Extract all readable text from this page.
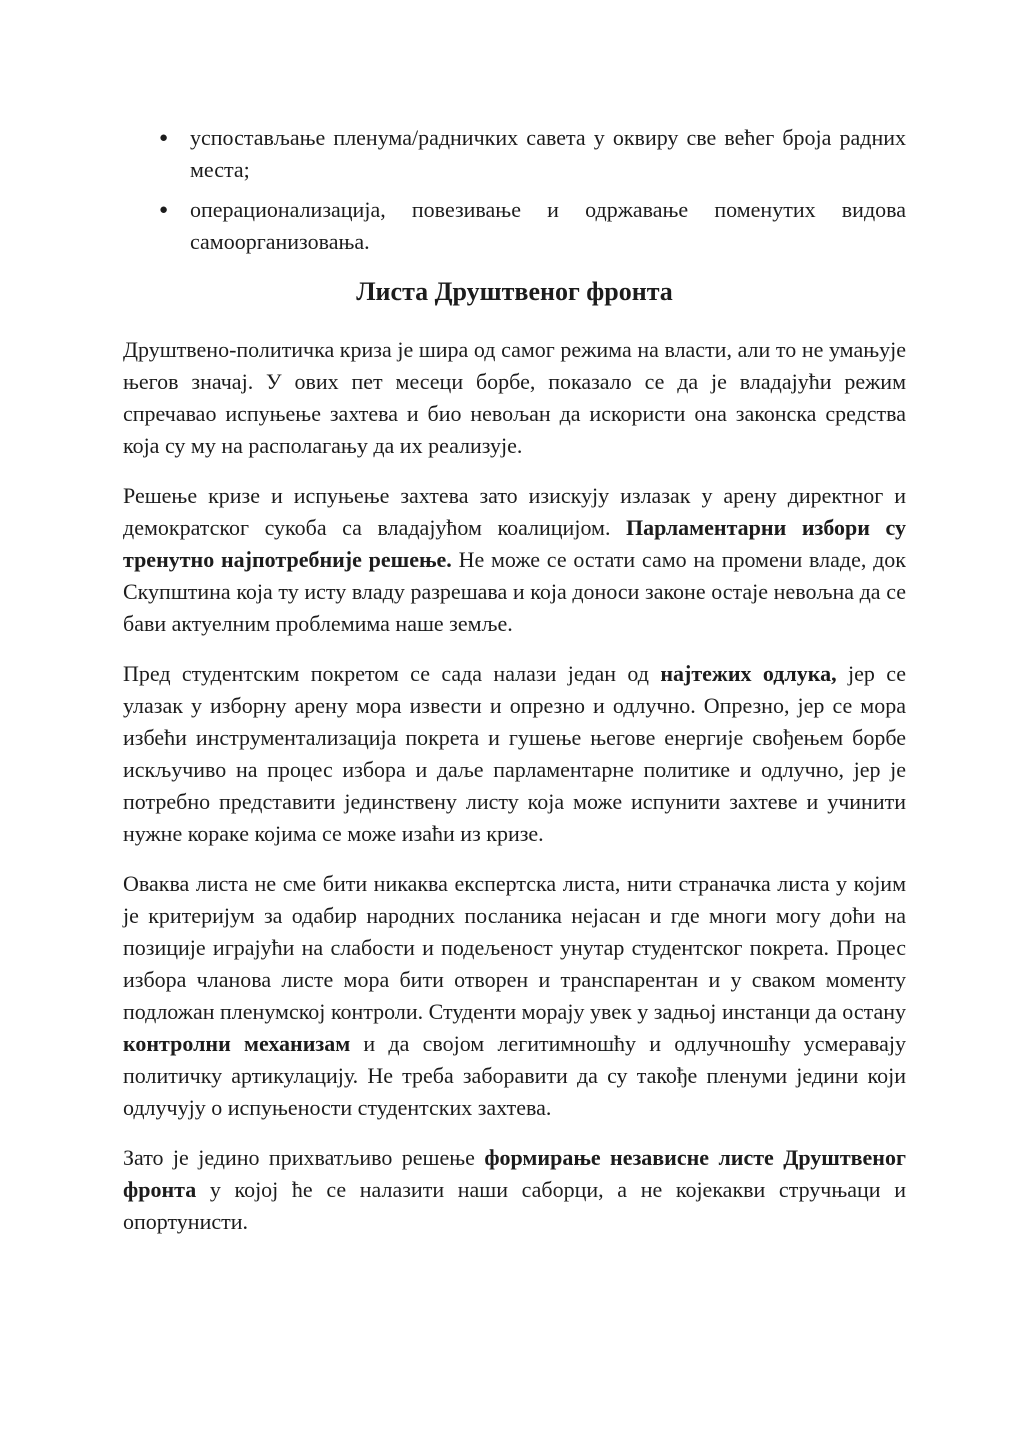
● успостављање пленума/радничких савета у оквиру све већег броја радних места;
● операционализација, повезивање и одржавање поменутих видова самоорганизовања.
Листа Друштвеног фронта

Друштвено-политичка криза је шира од самог режима на власти, али то не умањује његов значај. У ових пет месеци борбе, показало се да је владајући режим спречавао испуњење захтева и био невољан да искористи она законска средства која су му на располагању да их реализује.

Решење кризе и испуњење захтева зато изискују излазак у арену директног и демократског сукоба са владајућом коалицијом. Парламентарни избори су тренутно најпотребније решење. Не може се остати само на промени владе, док Скупштина која ту исту владу разрешава и која доноси законе остаје невољна да се бави актуелним проблемима наше земље.

Пред студентским покретом се сада налази један од најтежих одлука, јер се улазак у изборну арену мора извести и опрезно и одлучно. Опрезно, јер се мора избећи инструментализација покрета и гушење његове енергије свођењем борбе искључиво на процес избора и даље парламентарне политике и одлучно, јер је потребно представити јединствену листу која може испунити захтеве и учинити нужне кораке којима се може изаћи из кризе.

Оваква листа не сме бити никаква експертска листа, нити страначка листа у којим је критеријум за одабир народних посланика нејасан и где многи могу доћи на позиције играјући на слабости и подељеност унутар студентског покрета. Процес избора чланова листе мора бити отворен и транспарентан и у сваком моменту подложан пленумској контроли. Студенти морају увек у задњој инстанци да остану контролни механизам и да својом легитимношћу и одлучношћу усмеравају политичку артикулацију. Не треба заборавити да су такође пленуми једини који одлучују о испуњености студентских захтева.

Зато је једино прихватљиво решење формирање независне листе Друштвеног фронта у којој ће се налазити наши саборци, а не којекакви стручњаци и опортунисти.
